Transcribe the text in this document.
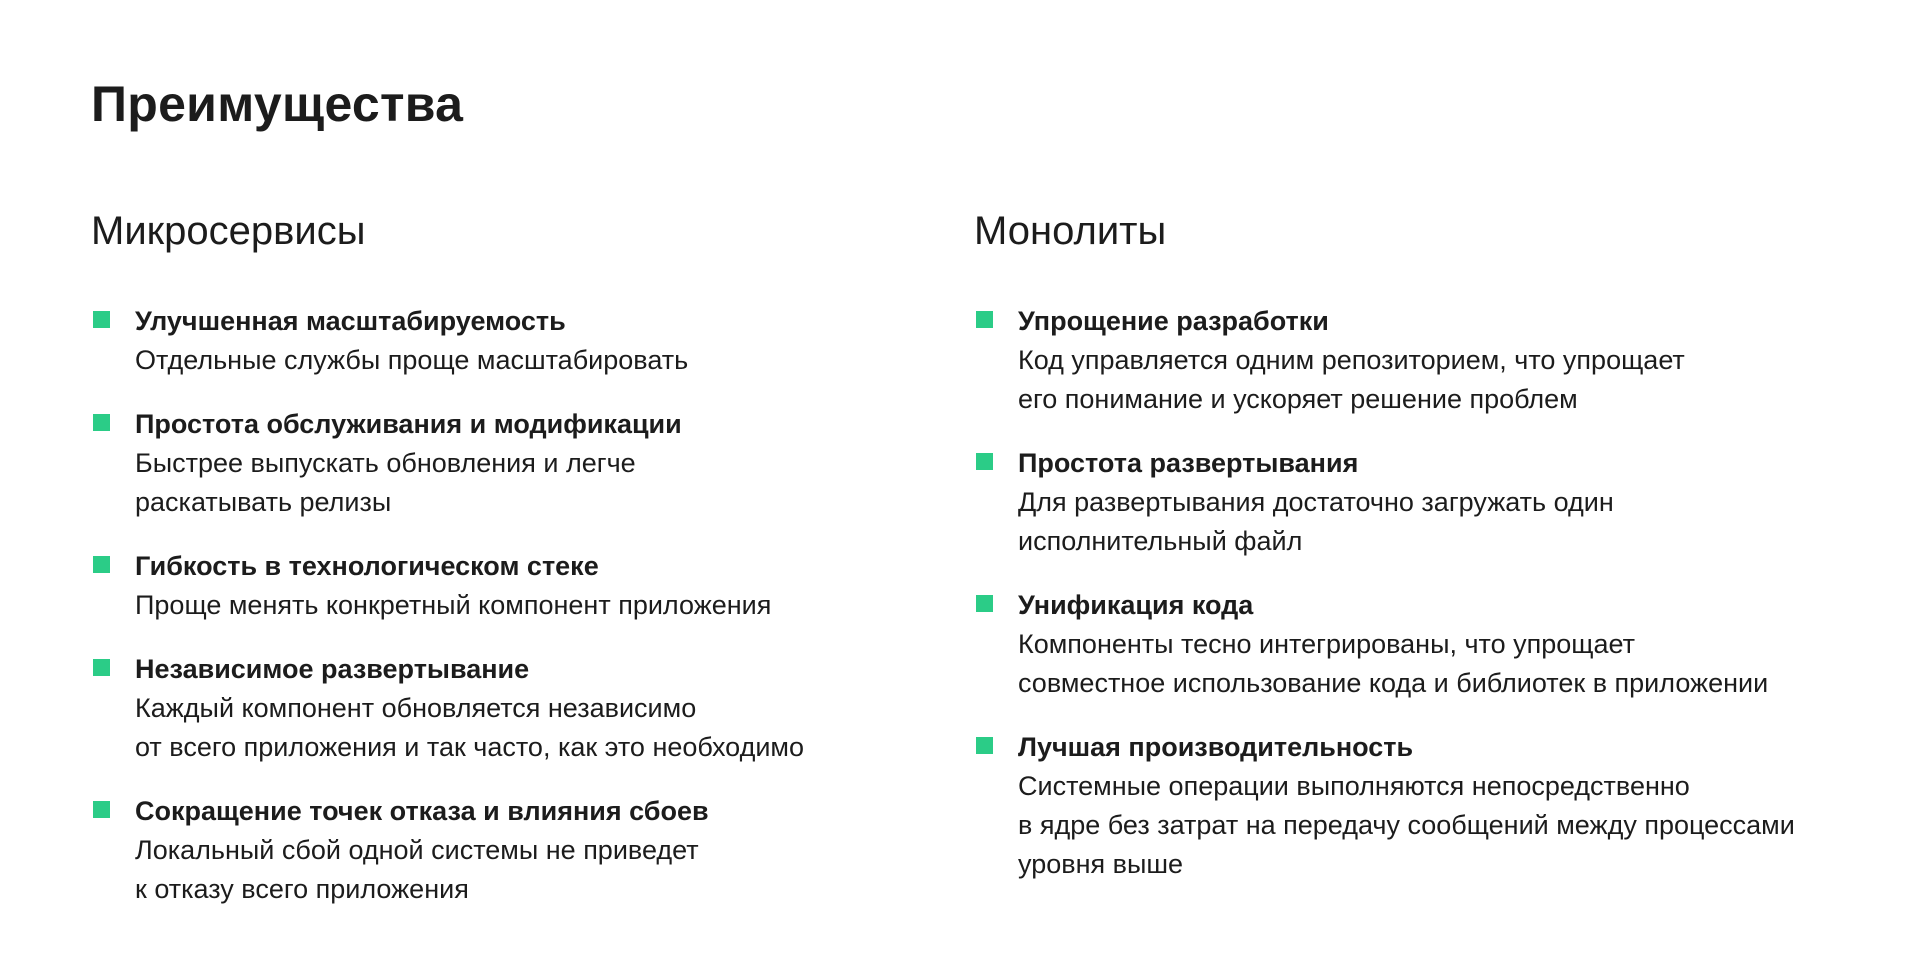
Преимущества
Микросервисы
Улучшенная масштабируемость
Отдельные службы проще масштабировать
Простота обслуживания и модификации
Быстрее выпускать обновления и легче
раскатывать релизы
Гибкость в технологическом стеке
Проще менять конкретный компонент приложения
Независимое развертывание
Каждый компонент обновляется независимо
от всего приложения и так часто, как это необходимо
Сокращение точек отказа и влияния сбоев
Локальный сбой одной системы не приведет
к отказу всего приложения
Монолиты
Упрощение разработки
Код управляется одним репозиторием, что упрощает
его понимание и ускоряет решение проблем
Простота развертывания
Для развертывания достаточно загружать один
исполнительный файл
Унификация кода
Компоненты тесно интегрированы, что упрощает
совместное использование кода и библиотек в приложении
Лучшая производительность
Системные операции выполняются непосредственно
в ядре без затрат на передачу сообщений между процессами
уровня выше
